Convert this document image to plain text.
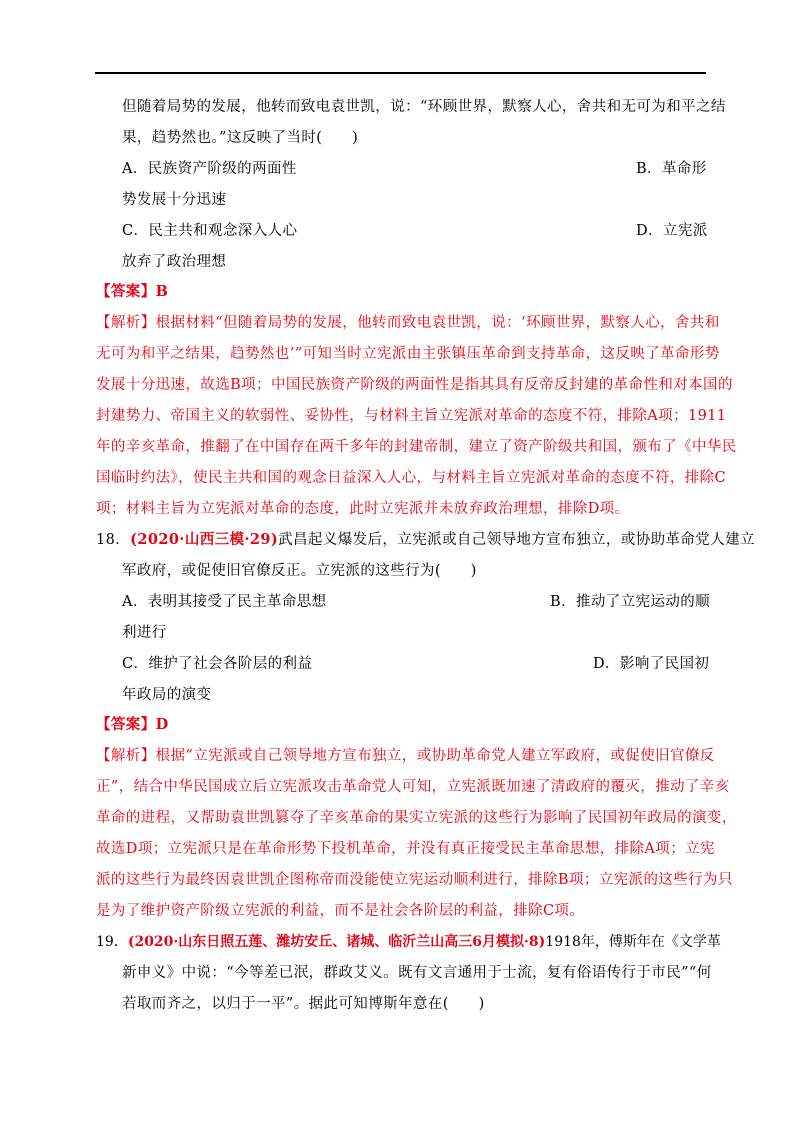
但随着局势的发展，他转而致电袁世凯，说：“环顾世界，默察人心，舍共和无可为和平之结
果，趋势然也。”这反映了当时(　　)
A．民族资产阶级的两面性	B．革命形
势发展十分迅速
C．民主共和观念深入人心	D．立宪派
放弃了政治理想
【答案】B
【解析】根据材料“但随着局势的发展，他转而致电袁世凯，说：‘环顾世界，默察人心，舍共和
无可为和平之结果，趋势然也’”可知当时立宪派由主张镇压革命到支持革命，这反映了革命形势
发展十分迅速，故选B项；中国民族资产阶级的两面性是指其具有反帝反封建的革命性和对本国的
封建势力、帝国主义的软弱性、妥协性，与材料主旨立宪派对革命的态度不符，排除A项；1911
年的辛亥革命，推翻了在中国存在两千多年的封建帝制，建立了资产阶级共和国，颁布了《中华民
国临时约法》，使民主共和国的观念日益深入人心，与材料主旨立宪派对革命的态度不符，排除C
项；材料主旨为立宪派对革命的态度，此时立宪派并未放弃政治理想，排除D项。
18．(2020·山西三模·29)武昌起义爆发后，立宪派或自己领导地方宣布独立，或协助革命党人建立
军政府，或促使旧官僚反正。立宪派的这些行为(　　)
A．表明其接受了民主革命思想	B．推动了立宪运动的顺
利进行
C．维护了社会各阶层的利益	D．影响了民国初
年政局的演变
【答案】D
【解析】根据“立宪派或自己领导地方宣布独立，或协助革命党人建立军政府，或促使旧官僚反
正”，结合中华民国成立后立宪派攻击革命党人可知，立宪派既加速了清政府的覆灭，推动了辛亥
革命的进程，又帮助袁世凯篡夺了辛亥革命的果实立宪派的这些行为影响了民国初年政局的演变，
故选D项；立宪派只是在革命形势下投机革命，并没有真正接受民主革命思想，排除A项；立宪
派的这些行为最终因袁世凯企图称帝而没能使立宪运动顺利进行，排除B项；立宪派的这些行为只
是为了维护资产阶级立宪派的利益，而不是社会各阶层的利益，排除C项。
19．(2020·山东日照五莲、潍坊安丘、诸城、临沂兰山高三6月模拟·8)1918年，傅斯年在《文学革
新申义》中说：“今等差已泯，群政艾义。既有文言通用于士流，复有俗语传行于市民”“何
若取而齐之，以归于一平”。据此可知博斯年意在(　　)
